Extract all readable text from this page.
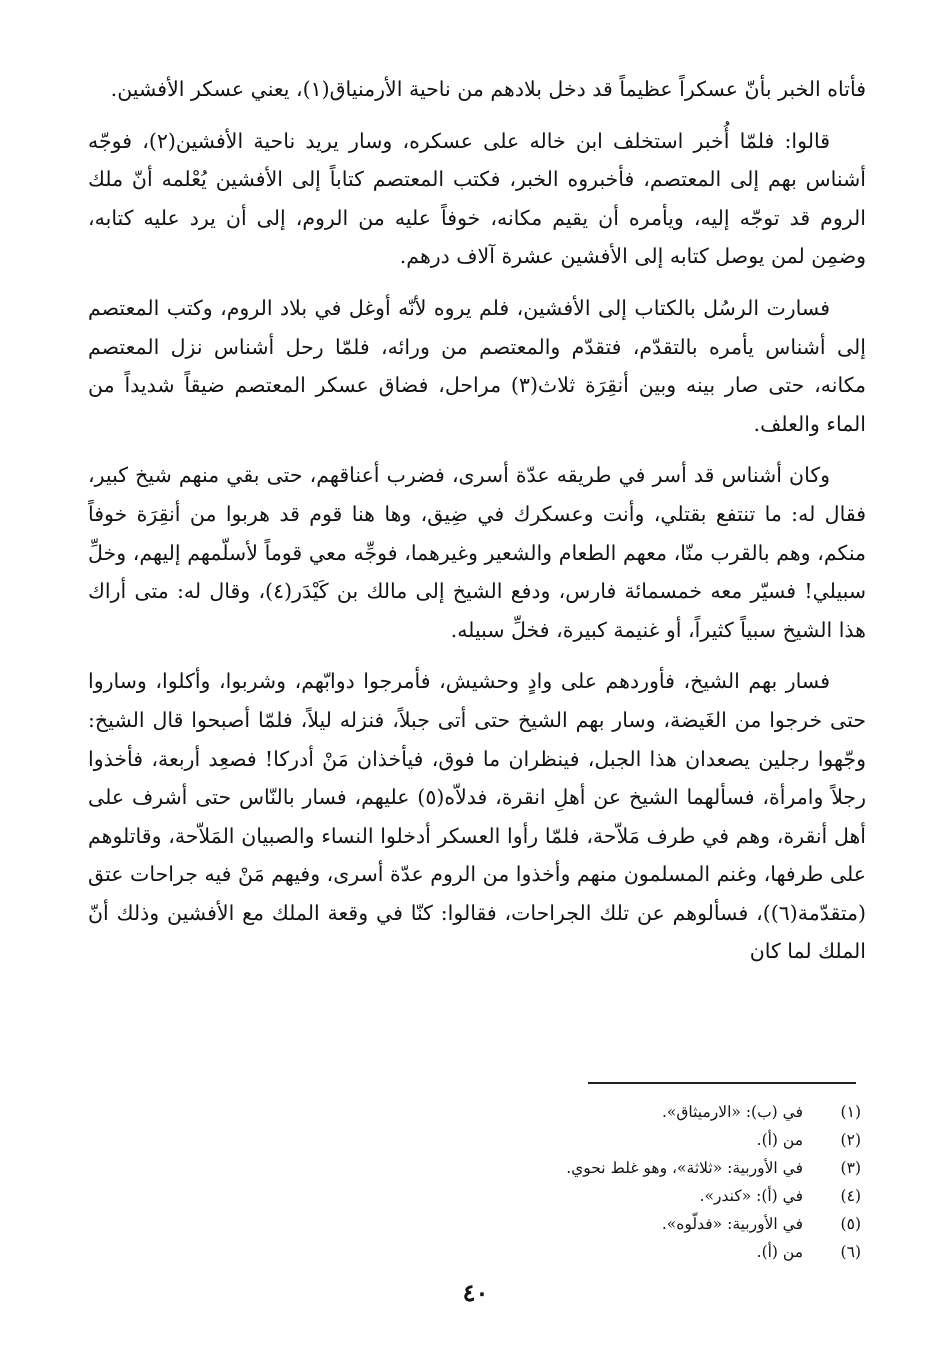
فأتاه الخبر بأنّ عسكراً عظيماً قد دخل بلادهم من ناحية الأرمنياق(١)، يعني عسكر الأفشين.

قالوا: فلمّا أُخبر استخلف ابن خاله على عسكره، وسار يريد ناحية الأفشين(٢)، فوجّه أشناس بهم إلى المعتصم، فأخبروه الخبر، فكتب المعتصم كتاباً إلى الأفشين يُعْلمه أنّ ملك الروم قد توجّه إليه، ويأمره أن يقيم مكانه، خوفاً عليه من الروم، إلى أن يرد عليه كتابه، وضمِن لمن يوصل كتابه إلى الأفشين عشرة آلاف درهم.

فسارت الرسُل بالكتاب إلى الأفشين، فلم يروه لأنّه أوغل في بلاد الروم، وكتب المعتصم إلى أشناس يأمره بالتقدّم، فتقدّم والمعتصم من ورائه، فلمّا رحل أشناس نزل المعتصم مكانه، حتى صار بينه وبين أنقِرَة ثلاث(٣) مراحل، فضاق عسكر المعتصم ضيقاً شديداً من الماء والعلف.

وكان أشناس قد أسر في طريقه عدّة أسرى، فضرب أعناقهم، حتى بقي منهم شيخ كبير، فقال له: ما تنتفع بقتلي، وأنت وعسكرك في ضِيق، وها هنا قوم قد هربوا من أنقِرَة خوفاً منكم، وهم بالقرب منّا، معهم الطعام والشعير وغيرهما، فوجِّه معي قوماً لأسلّمهم إليهم، وخلِّ سبيلي! فسيّر معه خمسمائة فارس، ودفع الشيخ إلى مالك بن كَيْدَر(٤)، وقال له: متى أراك هذا الشيخ سبياً كثيراً، أو غنيمة كبيرة، فخلِّ سبيله.

فسار بهم الشيخ، فأوردهم على وادٍ وحشيش، فأمرجوا دوابّهم، وشربوا، وأكلوا، وساروا حتى خرجوا من الغَيضة، وسار بهم الشيخ حتى أتى جبلاً، فنزله ليلاً، فلمّا أصبحوا قال الشيخ: وجّهوا رجلين يصعدان هذا الجبل، فينظران ما فوق، فيأخذان مَنْ أدركا! فصعِد أربعة، فأخذوا رجلاً وامرأة، فسألهما الشيخ عن أهلِ انقرة، فدلاّه(٥) عليهم، فسار بالنّاس حتى أشرف على أهل أنقرة، وهم في طرف مَلاّحة، فلمّا رأوا العسكر أدخلوا النساء والصبيان المَلاّحة، وقاتلوهم على طرفها، وغنم المسلمون منهم وأخذوا من الروم عدّة أسرى، وفيهم مَنْ فيه جراحات عتق (متقدّمة(٦))، فسألوهم عن تلك الجراحات، فقالوا: كنّا في وقعة الملك مع الأفشين وذلك أنّ الملك لما كان

(١)
في (ب): «الارميثاق».
(٢)
من (أ).
(٣)
في الأوربية: «ثلاثة»، وهو غلط نحوي.
(٤)
في (أ): «كندر».
(٥)
في الأوربية: «فدلّوه».
(٦)
من (أ).
٤٠
